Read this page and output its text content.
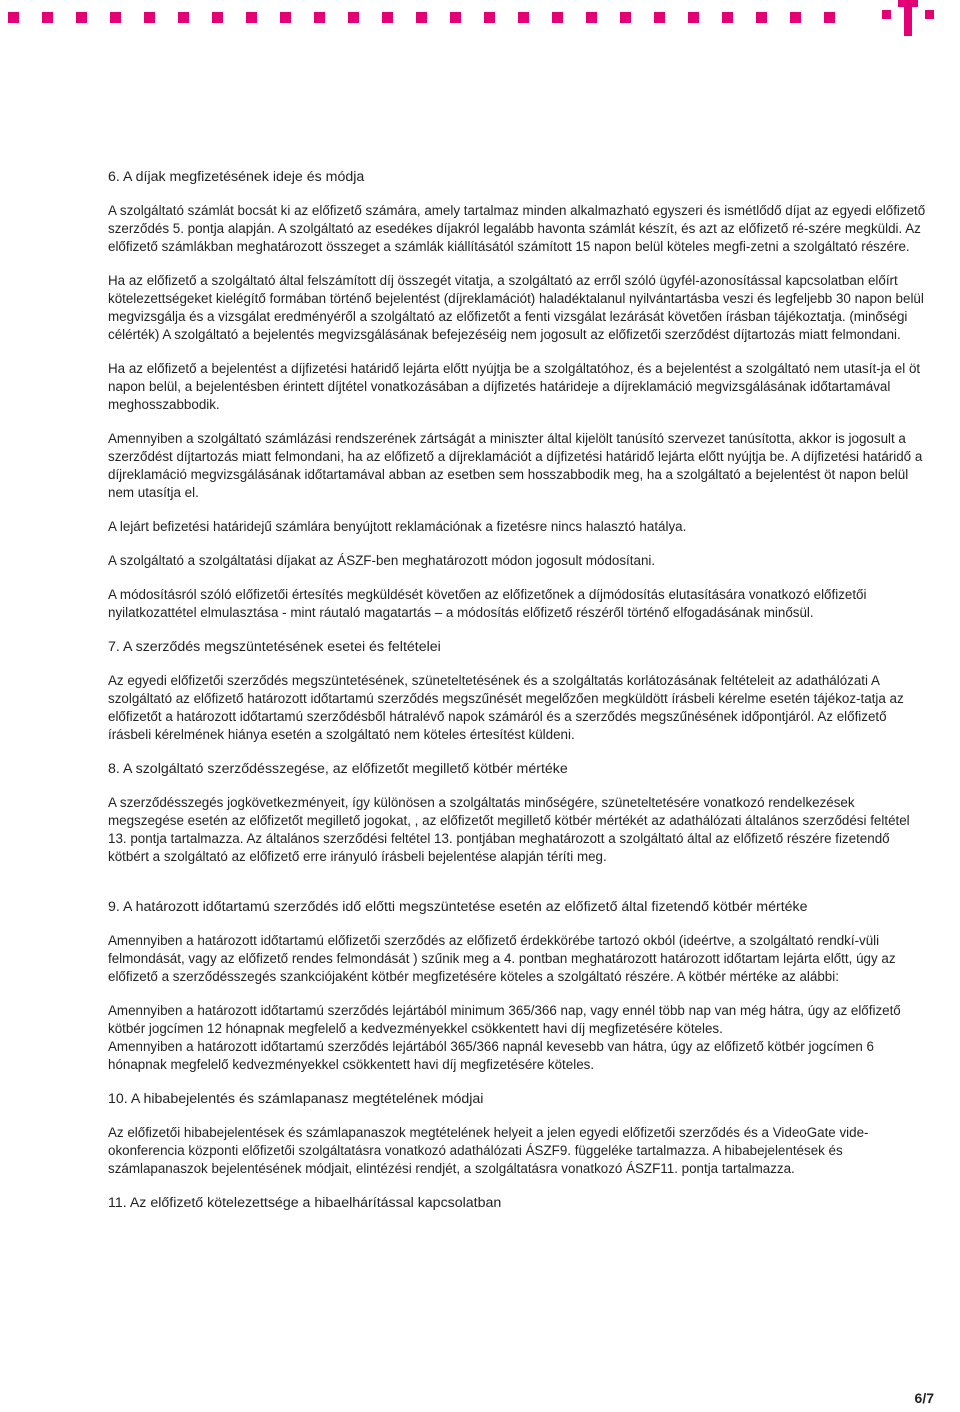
6. A díjak megfizetésének ideje és módja

A szolgáltató számlát bocsát ki az előfizető számára, amely tartalmaz minden alkalmazható egyszeri és ismétlődő díjat az egyedi előfizető szerződés 5. pontja alapján. A szolgáltató az esedékes díjakról legalább havonta számlát készít, és azt az előfizető ré-szére megküldi. Az előfizető számlákban meghatározott összeget a számlák kiállításától számított 15 napon belül köteles megfi-zetni a szolgáltató részére.

Ha az előfizető a szolgáltató által felszámított díj összegét vitatja, a szolgáltató az erről szóló ügyfél-azonosítással kapcsolatban előírt kötelezettségeket kielégítő formában történő bejelentést (díjreklamációt) haladéktalanul nyilvántartásba veszi és legfeljebb 30 napon belül megvizsgálja és a vizsgálat eredményéről a szolgáltató az előfizetőt a fenti vizsgálat lezárását követően írásban tájékoztatja. (minőségi célérték) A szolgáltató a bejelentés megvizsgálásának befejezéséig nem jogosult az előfizetői szerződést díjtartozás miatt felmondani.

Ha az előfizető a bejelentést a díjfizetési határidő lejárta előtt nyújtja be a szolgáltatóhoz, és a bejelentést a szolgáltató nem utasít-ja el öt napon belül, a bejelentésben érintett díjtétel vonatkozásában a díjfizetés határideje a díjreklamáció megvizsgálásának időtartamával meghosszabbodik.

Amennyiben a szolgáltató számlázási rendszerének zártságát a miniszter által kijelölt tanúsító szervezet tanúsította, akkor is jogosult a szerződést díjtartozás miatt felmondani, ha az előfizető a díjreklamációt a díjfizetési határidő lejárta előtt nyújtja be. A díjfizetési határidő a díjreklamáció megvizsgálásának időtartamával abban az esetben sem hosszabbodik meg, ha a szolgáltató a bejelentést öt napon belül nem utasítja el.

A lejárt befizetési határidejű számlára benyújtott reklamációnak a fizetésre nincs halasztó hatálya.

A szolgáltató a szolgáltatási díjakat az ÁSZF-ben meghatározott módon jogosult módosítani.

A módosításról szóló előfizetői értesítés megküldését követően az előfizetőnek a díjmódosítás elutasítására vonatkozó előfizetői nyilatkozattétel elmulasztása - mint ráutaló magatartás – a módosítás előfizető részéről történő elfogadásának minősül.

7. A szerződés megszüntetésének esetei és feltételei

Az egyedi előfizetői szerződés megszüntetésének, szüneteltetésének és a szolgáltatás korlátozásának feltételeit az adathálózati A szolgáltató az előfizető határozott időtartamú szerződés megszűnését megelőzően megküldött írásbeli kérelme esetén tájékoz-tatja az előfizetőt a határozott időtartamú szerződésből hátralévő napok számáról és a szerződés megszűnésének időpontjáról. Az előfizető írásbeli kérelmének hiánya esetén a szolgáltató nem köteles értesítést küldeni.

8. A szolgáltató szerződésszegése, az előfizetőt megillető kötbér mértéke

A szerződésszegés jogkövetkezményeit, így különösen a szolgáltatás minőségére, szüneteltetésére vonatkozó rendelkezések megszegése esetén az előfizetőt megillető jogokat, , az előfizetőt megillető kötbér mértékét az adathálózati általános szerződési feltétel 13. pontja tartalmazza. Az általános szerződési feltétel 13. pontjában meghatározott a szolgáltató által az előfizető részére fizetendő kötbért a szolgáltató az előfizető erre irányuló írásbeli bejelentése alapján téríti meg.

9. A határozott időtartamú szerződés idő előtti megszüntetése esetén az előfizető által fizetendő kötbér mértéke

Amennyiben a határozott időtartamú előfizetői szerződés az előfizető érdekkörébe tartozó okból (ideértve, a szolgáltató rendkí-vüli felmondását, vagy az előfizető rendes felmondását ) szűnik meg a 4. pontban meghatározott határozott időtartam lejárta előtt, úgy az előfizető a szerződésszegés szankciójaként kötbér megfizetésére köteles a szolgáltató részére. A kötbér mértéke az alábbi:

Amennyiben a határozott időtartamú szerződés lejártából minimum 365/366 nap, vagy ennél több nap van még hátra, úgy az előfizető kötbér jogcímen 12 hónapnak megfelelő a kedvezményekkel csökkentett havi díj megfizetésére köteles.

Amennyiben a határozott időtartamú szerződés lejártából 365/366 napnál kevesebb van hátra, úgy az előfizető kötbér jogcímen 6 hónapnak megfelelő kedvezményekkel csökkentett havi díj megfizetésére köteles.

10. A hibabejelentés és számlapanasz megtételének módjai

Az előfizetői hibabejelentések és számlapanaszok megtételének helyeit a jelen egyedi előfizetői szerződés és a VideoGate vide-okonferencia központi előfizetői szolgáltatásra vonatkozó adathálózati ÁSZF9. függeléke tartalmazza. A hibabejelentések és számlapanaszok bejelentésének módjait, elintézési rendjét, a szolgáltatásra vonatkozó ÁSZF11. pontja tartalmazza.

11. Az előfizető kötelezettsége a hibaelhárítással kapcsolatban
6/7
